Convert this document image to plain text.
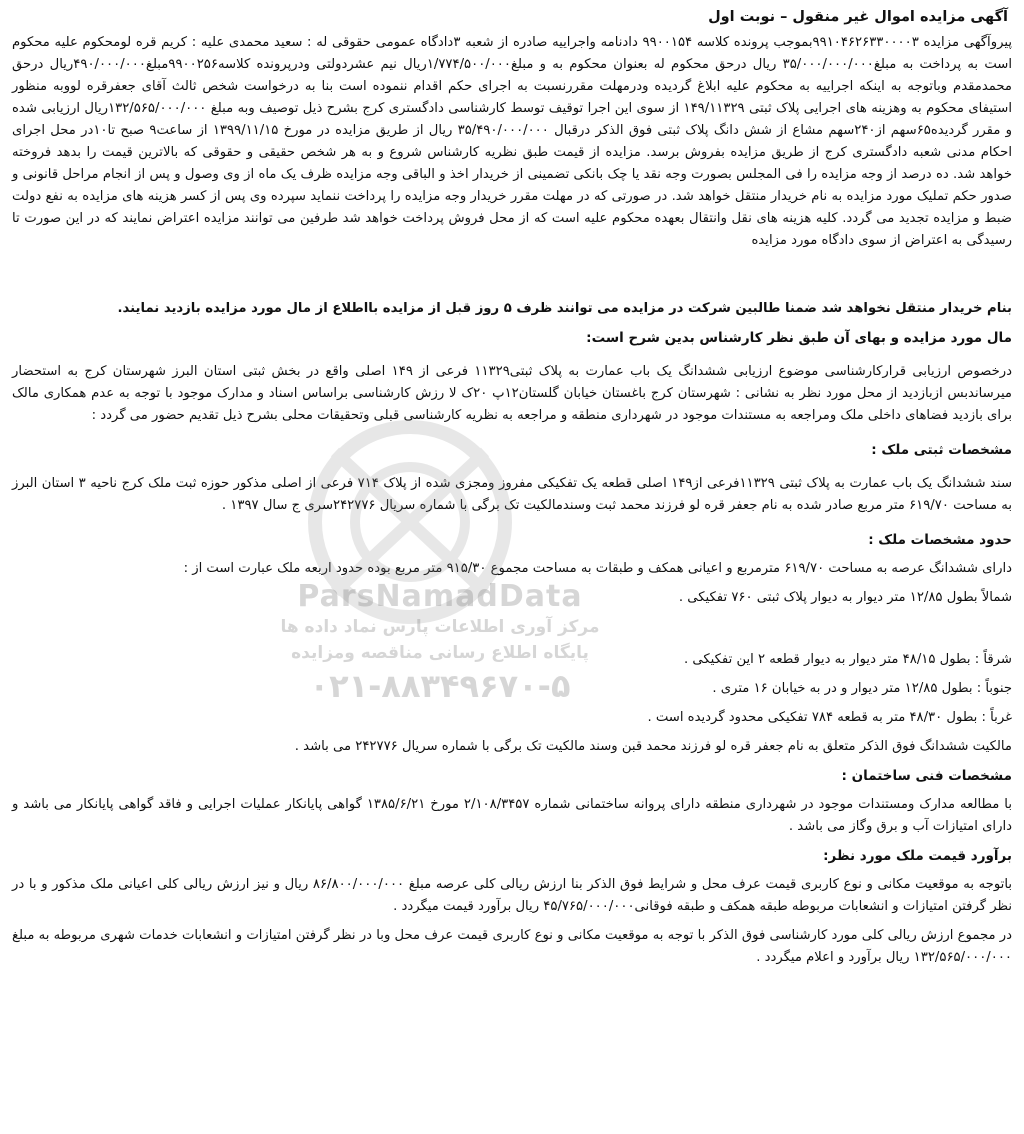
آگهی مزایده اموال غیر منقول – نوبت اول

پیروآگهی مزایده ۹۹۱۰۴۶۲۶۳۳۰۰۰۰۳بموجب پرونده کلاسه ۹۹۰۰۱۵۴ دادنامه واجراییه صادره از شعبه ۳دادگاه عمومی حقوقی له : سعید محمدی علیه : کریم قره لومحکوم علیه محکوم است به پرداخت به مبلغ۳۵/۰۰۰/۰۰۰/۰۰۰ ریال درحق محکوم له بعنوان محکوم به و مبلغ۱/۷۷۴/۵۰۰/۰۰۰ریال نیم عشردولتی ودرپرونده کلاسه۹۹۰۰۲۵۶مبلغ۴۹۰/۰۰۰/۰۰۰ریال درحق محمدمقدم وباتوجه به اینکه اجراییه به محکوم علیه ابلاغ گردیده ودرمهلت مقررنسبت به اجرای حکم اقدام ننموده است بنا به درخواست شخص ثالث آقای جعفرقره لووبه منظور استیفای محکوم به وهزینه های اجرایی پلاک ثبتی ۱۴۹/۱۱۳۲۹ از سوی این اجرا توقیف توسط کارشناسی دادگستری کرج بشرح ذیل توصیف وبه مبلغ ۱۳۲/۵۶۵/۰۰۰/۰۰۰ریال ارزیابی شده و مقرر گردیده۶۵سهم از۲۴۰سهم مشاع از شش دانگ پلاک ثبتی فوق الذکر درقبال ۳۵/۴۹۰/۰۰۰/۰۰۰ ریال از طریق مزایده در مورخ ۱۳۹۹/۱۱/۱۵ از ساعت۹ صبح تا۱۰در محل اجرای احکام مدنی شعبه دادگستری کرج از طریق مزایده بفروش برسد. مزایده از قیمت طبق نظریه کارشناس شروع و به هر شخص حقیقی و حقوقی که بالاترین قیمت را بدهد فروخته خواهد شد. ده درصد از وجه مزایده را فی المجلس بصورت وجه نقد یا چک بانکی تضمینی از خریدار اخذ و الباقی وجه مزایده ظرف یک ماه از وی وصول و پس از انجام مراحل قانونی و صدور حکم تملیک مورد مزایده به نام خریدار منتقل خواهد شد. در صورتی که در مهلت مقرر خریدار وجه مزایده را پرداخت ننماید سپرده وی پس از کسر هزینه های مزایده به نفع دولت ضبط و مزایده تجدید می گردد. کلیه هزینه های نقل وانتقال بعهده محکوم علیه است که از محل فروش پرداخت خواهد شد طرفین می توانند مزایده اعتراض نمایند که در این صورت تا رسیدگی به اعتراض از سوی دادگاه مورد مزایده

بنام خریدار منتقل نخواهد شد ضمنا طالبین شرکت در مزایده می توانند ظرف ۵ روز قبل از مزایده بااطلاع از مال مورد مزایده بازدید نمایند.

مال مورد مزایده و بهای آن طبق نظر کارشناس بدین شرح است:

درخصوص ارزیابی قرارکارشناسی موضوع ارزیابی ششدانگ یک باب عمارت به پلاک ثبتی۱۱۳۲۹ فرعی از ۱۴۹ اصلی واقع در بخش ثبتی استان البرز شهرستان کرج به استحضار میرساندبس ازبازدید از محل مورد نظر به نشانی : شهرستان کرج باغستان خیابان گلستان۱۲پ ۲۰ک لا رزش کارشناسی براساس اسناد و مدارک موجود با توجه به عدم همکاری مالک برای بازدید فضاهای داخلی ملک ومراجعه به مستندات موجود در شهرداری منطقه و مراجعه به نظریه کارشناسی قبلی وتحقیقات محلی بشرح ذیل تقدیم حضور می گردد :

مشخصات ثبتی ملک :

سند ششدانگ یک باب عمارت به پلاک ثبتی ۱۱۳۲۹فرعی از۱۴۹ اصلی قطعه یک تفکیکی مفروز ومجزی شده از پلاک ۷۱۴ فرعی از اصلی مذکور حوزه ثبت ملک کرج ناحیه ۳ استان البرز به مساحت ۶۱۹/۷۰ متر مربع صادر شده به نام جعفر قره لو فرزند محمد ثبت وسندمالکیت تک برگی با شماره سریال ۲۴۲۷۷۶سری ج سال ۱۳۹۷ .

حدود مشخصات ملک :

دارای ششدانگ عرصه به مساحت ۶۱۹/۷۰ مترمربع و اعیانی همکف و طبقات به مساحت مجموع ۹۱۵/۳۰ متر مربع بوده حدود اربعه ملک عبارت است از :

شمالاً بطول ۱۲/۸۵ متر دیوار به دیوار پلاک ثبتی ۷۶۰ تفکیکی .

شرقاً : بطول ۴۸/۱۵ متر دیوار به دیوار قطعه ۲ این تفکیکی .

جنوباً : بطول ۱۲/۸۵ متر دیوار و در به خیابان ۱۶ متری .

غرباً : بطول ۴۸/۳۰ متر به قطعه ۷۸۴ تفکیکی محدود گردیده است .

مالکیت ششدانگ فوق الذکر متعلق به نام جعفر قره لو فرزند محمد قبن وسند مالکیت تک برگی با شماره سریال ۲۴۲۷۷۶ می باشد .

مشخصات فنی ساختمان :

با مطالعه مدارک ومستندات موجود در شهرداری منطقه دارای پروانه ساختمانی شماره ۲/۱۰۸/۳۴۵۷ مورخ ۱۳۸۵/۶/۲۱ گواهی پایانکار عملیات اجرایی و فاقد گواهی پایانکار می باشد و دارای امتیازات آب و برق وگاز می باشد .

برآورد قیمت ملک مورد نظر:

باتوجه به موقعیت مکانی و نوع کاربری قیمت عرف محل و شرایط فوق الذکر بنا ارزش ریالی کلی عرصه مبلغ ۸۶/۸۰۰/۰۰۰/۰۰۰ ریال و نیز ارزش ریالی کلی اعیانی ملک مذکور و با در نظر گرفتن امتیازات و انشعابات مربوطه طبقه همکف و طبقه فوقانی۴۵/۷۶۵/۰۰۰/۰۰۰ ریال برآورد قیمت میگردد .

در مجموع ارزش ریالی کلی مورد کارشناسی فوق الذکر با توجه به موقعیت مکانی و نوع کاربری قیمت عرف محل وبا در نظر گرفتن امتیازات و انشعابات خدمات شهری مربوطه به مبلغ ۱۳۲/۵۶۵/۰۰۰/۰۰۰ ریال برآورد و اعلام میگردد .

ParsNamadData
مرکز آوری اطلاعات پارس نماد داده ها
پایگاه اطلاع رسانی مناقصه ومزایده
۰۲۱-۸۸۳۴۹۶۷۰-۵
